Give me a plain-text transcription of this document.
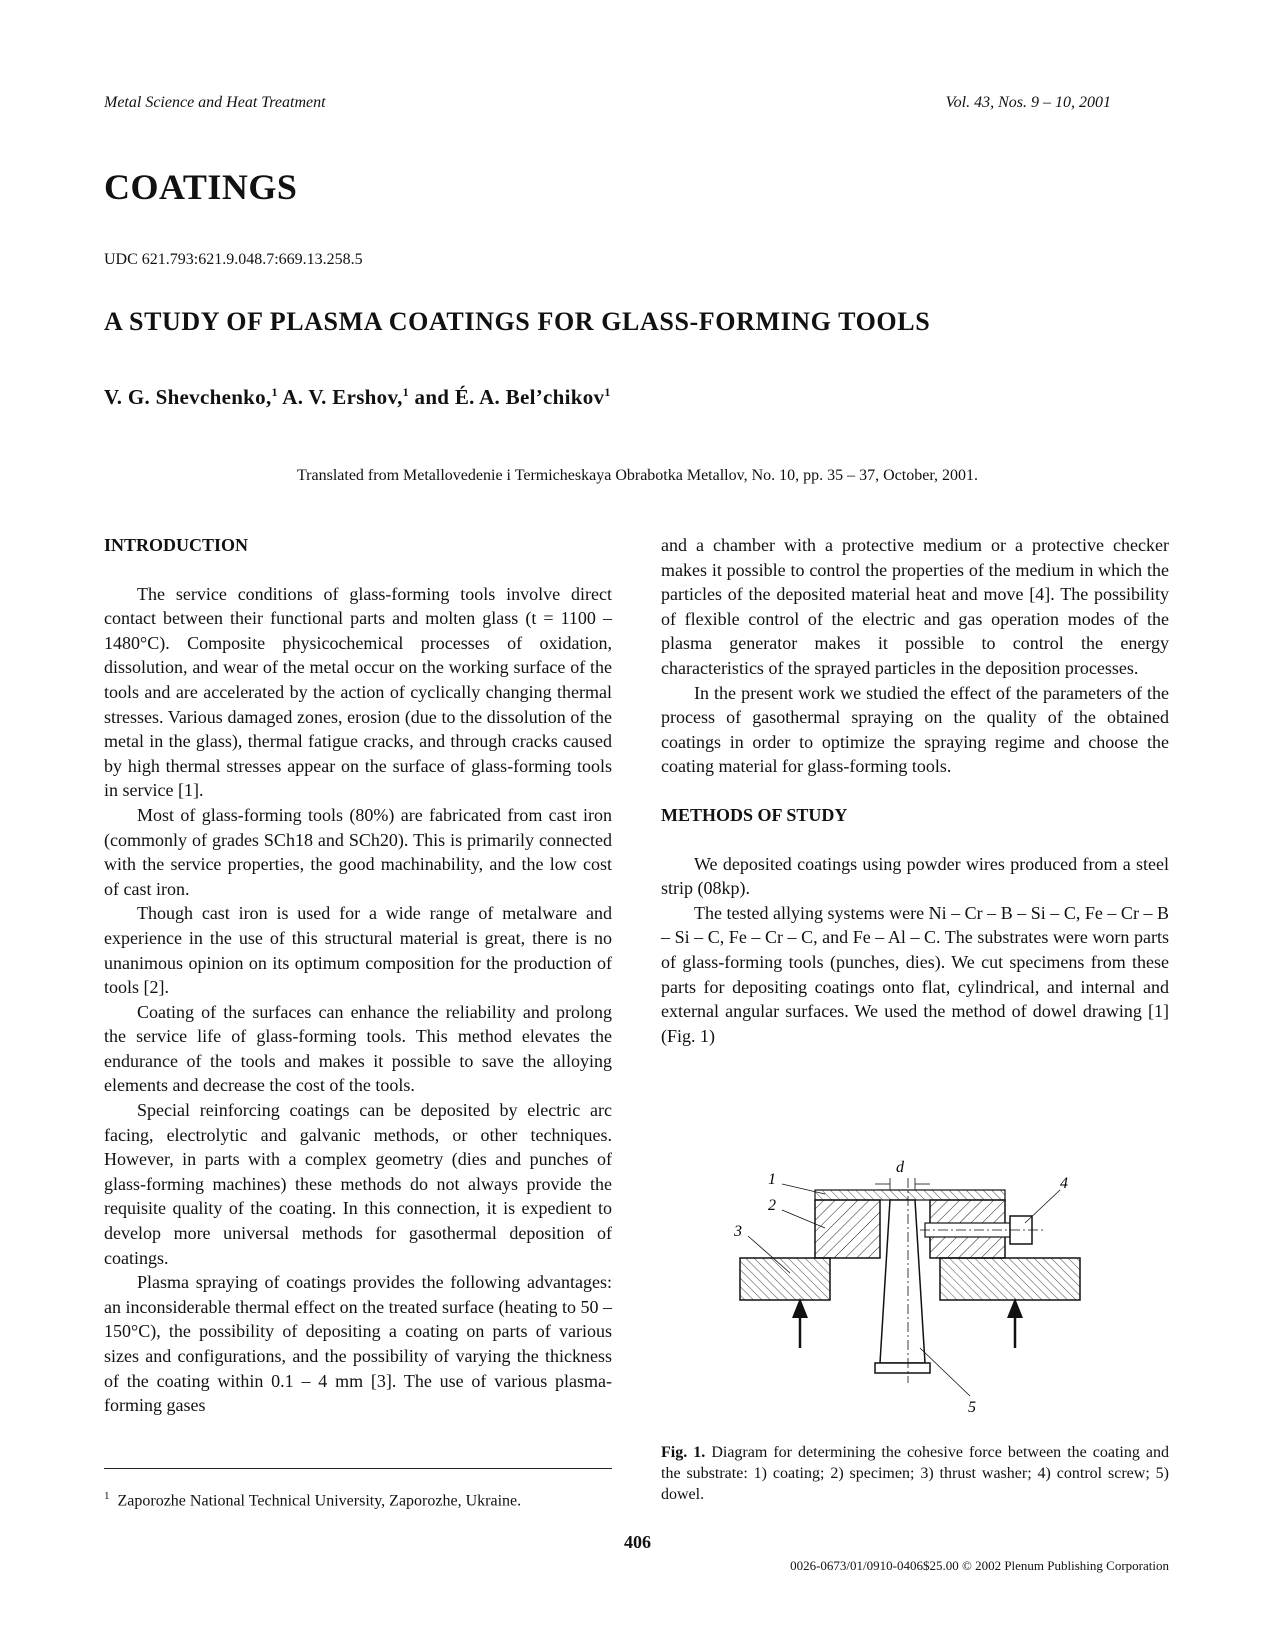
Metal Science and Heat Treatment	Vol. 43, Nos. 9 – 10, 2001
COATINGS
UDC 621.793:621.9.048.7:669.13.258.5
A STUDY OF PLASMA COATINGS FOR GLASS-FORMING TOOLS
V. G. Shevchenko,$^1$ A. V. Ershov,$^1$ and É. A. Bel’chikov$^1$
Translated from Metallovedenie i Termicheskaya Obrabotka Metallov, No. 10, pp. 35 – 37, October, 2001.
INTRODUCTION

The service conditions of glass-forming tools involve direct contact between their functional parts and molten glass (t = 1100 – 1480°C). Composite physicochemical processes of oxidation, dissolution, and wear of the metal occur on the working surface of the tools and are accelerated by the action of cyclically changing thermal stresses. Various damaged zones, erosion (due to the dissolution of the metal in the glass), thermal fatigue cracks, and through cracks caused by high thermal stresses appear on the surface of glass-forming tools in service [1].

Most of glass-forming tools (80%) are fabricated from cast iron (commonly of grades SCh18 and SCh20). This is primarily connected with the service properties, the good machinability, and the low cost of cast iron.

Though cast iron is used for a wide range of metalware and experience in the use of this structural material is great, there is no unanimous opinion on its optimum composition for the production of tools [2].

Coating of the surfaces can enhance the reliability and prolong the service life of glass-forming tools. This method elevates the endurance of the tools and makes it possible to save the alloying elements and decrease the cost of the tools.

Special reinforcing coatings can be deposited by electric arc facing, electrolytic and galvanic methods, or other techniques. However, in parts with a complex geometry (dies and punches of glass-forming machines) these methods do not always provide the requisite quality of the coating. In this connection, it is expedient to develop more universal methods for gasothermal deposition of coatings.

Plasma spraying of coatings provides the following advantages: an inconsiderable thermal effect on the treated surface (heating to 50 – 150°C), the possibility of depositing a coating on parts of various sizes and configurations, and the possibility of varying the thickness of the coating within 0.1 – 4 mm [3]. The use of various plasma-forming gases

$^1$ Zaporozhe National Technical University, Zaporozhe, Ukraine.

and a chamber with a protective medium or a protective checker makes it possible to control the properties of the medium in which the particles of the deposited material heat and move [4]. The possibility of flexible control of the electric and gas operation modes of the plasma generator makes it possible to control the energy characteristics of the sprayed particles in the deposition processes.

In the present work we studied the effect of the parameters of the process of gasothermal spraying on the quality of the obtained coatings in order to optimize the spraying regime and choose the coating material for glass-forming tools.

METHODS OF STUDY

We deposited coatings using powder wires produced from a steel strip (08kp).

The tested allying systems were Ni – Cr – B – Si – C, Fe – Cr – B – Si – C, Fe – Cr – C, and Fe – Al – C. The substrates were worn parts of glass-forming tools (punches, dies). We cut specimens from these parts for depositing coatings onto flat, cylindrical, and internal and external angular surfaces. We used the method of dowel drawing [1] (Fig. 1)

1
2
3
4
5
d
Fig. 1. Diagram for determining the cohesive force between the coating and the substrate: 1) coating; 2) specimen; 3) thrust washer; 4) control screw; 5) dowel.
406
0026-0673/01/0910-0406$25.00 © 2002 Plenum Publishing Corporation
